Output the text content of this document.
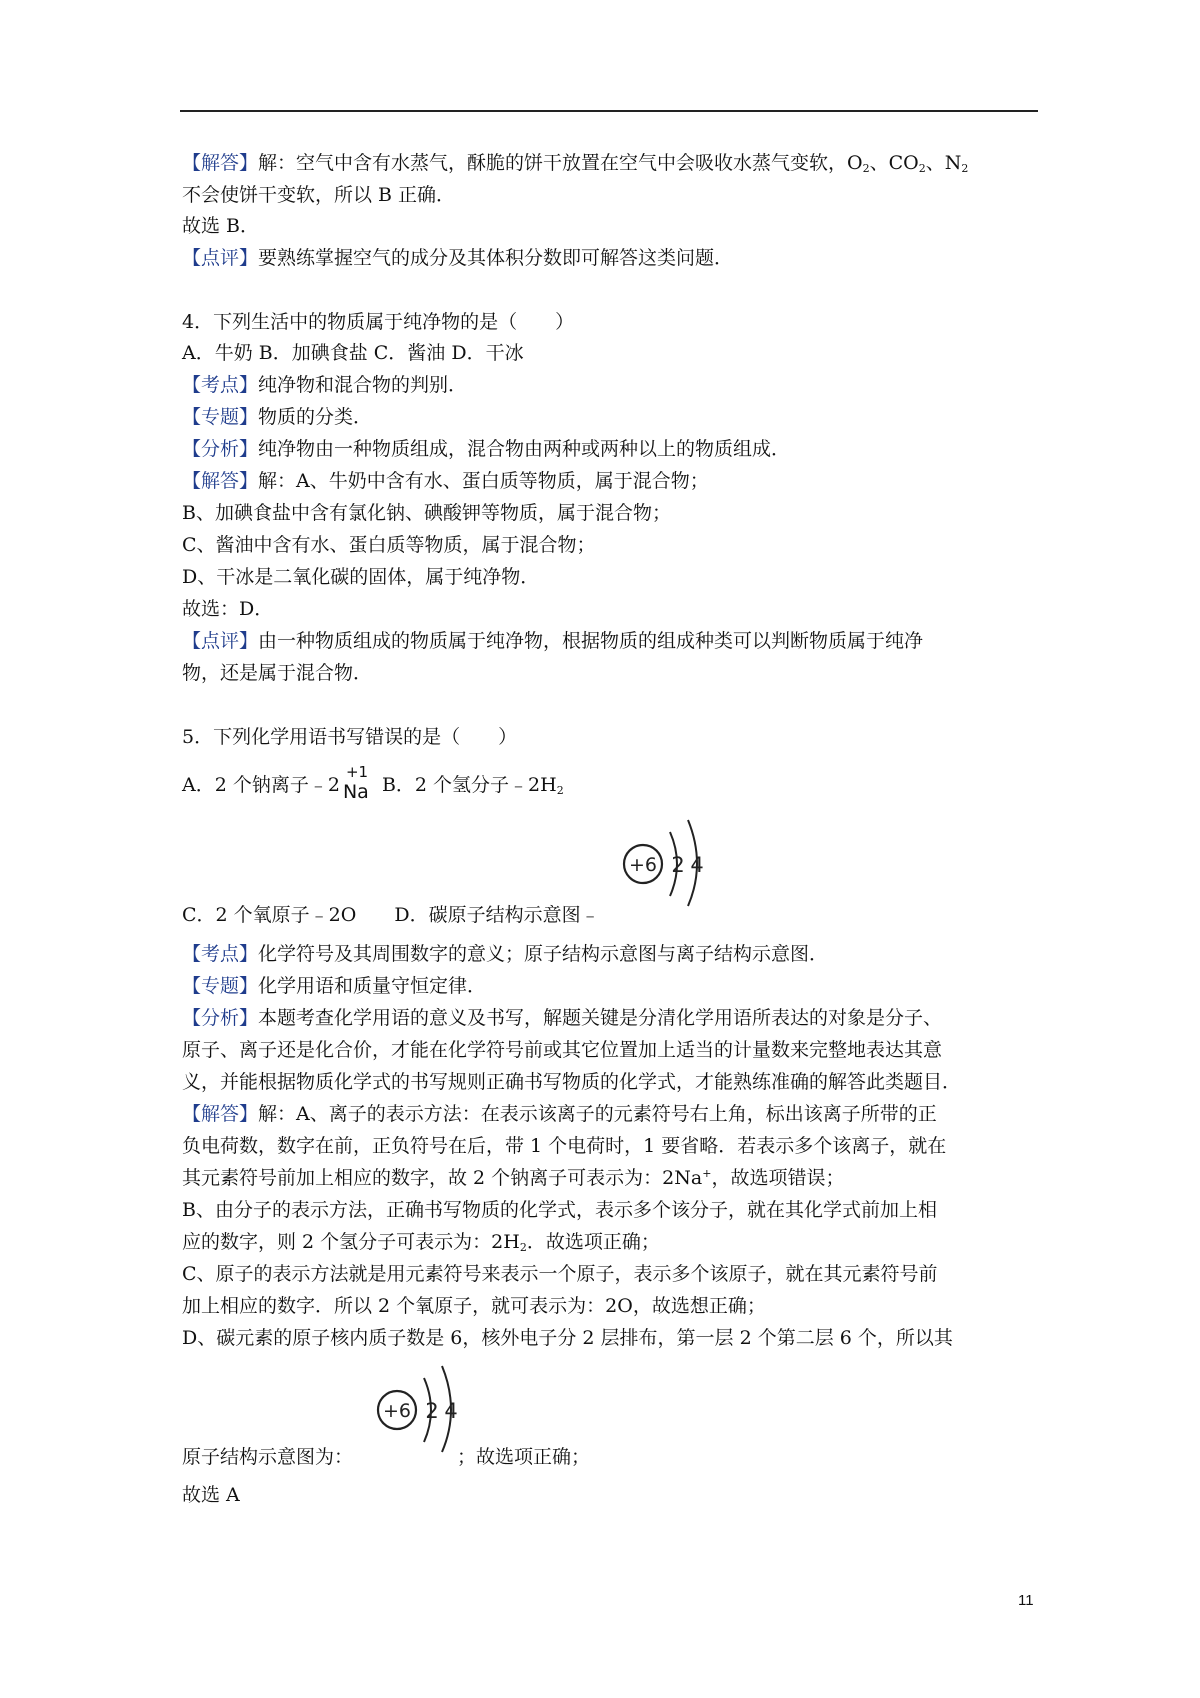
【解答】解：空气中含有水蒸气，酥脆的饼干放置在空气中会吸收水蒸气变软，$O_2$、$CO_2$、$N_2$
不会使饼干变软，所以 B 正确．
故选 B．
【点评】要熟练掌握空气的成分及其体积分数即可解答这类问题．
4．下列生活中的物质属于纯净物的是（　　）
A．牛奶 B．加碘食盐 C．酱油 D．干冰
【考点】纯净物和混合物的判别．
【专题】物质的分类．
【分析】纯净物由一种物质组成，混合物由两种或两种以上的物质组成．
【解答】解：A、牛奶中含有水、蛋白质等物质，属于混合物；
B、加碘食盐中含有氯化钠、碘酸钾等物质，属于混合物；
C、酱油中含有水、蛋白质等物质，属于混合物；
D、干冰是二氧化碳的固体，属于纯净物．
故选：D．
【点评】由一种物质组成的物质属于纯净物，根据物质的组成种类可以判断物质属于纯净
物，还是属于混合物．
5．下列化学用语书写错误的是（　　）
A．2 个钠离子﹣2
+1
Na B．2 个氢分子$﹣2H_2$
+6 2 4
C．2 个氧原子﹣2O　　D．碳原子结构示意图﹣
【考点】化学符号及其周围数字的意义；原子结构示意图与离子结构示意图．
【专题】化学用语和质量守恒定律．
【分析】本题考查化学用语的意义及书写，解题关键是分清化学用语所表达的对象是分子、
原子、离子还是化合价，才能在化学符号前或其它位置加上适当的计量数来完整地表达其意
义，并能根据物质化学式的书写规则正确书写物质的化学式，才能熟练准确的解答此类题目．
【解答】解：A、离子的表示方法：在表示该离子的元素符号右上角，标出该离子所带的正
负电荷数，数字在前，正负符号在后，带 1 个电荷时，1 要省略．若表示多个该离子，就在
其元素符号前加上相应的数字，故 2 个钠离子可表示为：2Na+，故选项错误；
B、由分子的表示方法，正确书写物质的化学式，表示多个该分子，就在其化学式前加上相
应的数字，则 2 个氢分子可表示为：$2H_2$．故选项正确；
C、原子的表示方法就是用元素符号来表示一个原子，表示多个该原子，就在其元素符号前
加上相应的数字．所以 2 个氧原子，就可表示为：2O，故选想正确；
D、碳元素的原子核内质子数是 6，核外电子分 2 层排布，第一层 2 个第二层 6 个，所以其
+6 2 4
原子结构示意图为：	；故选项正确；
故选 A
11
